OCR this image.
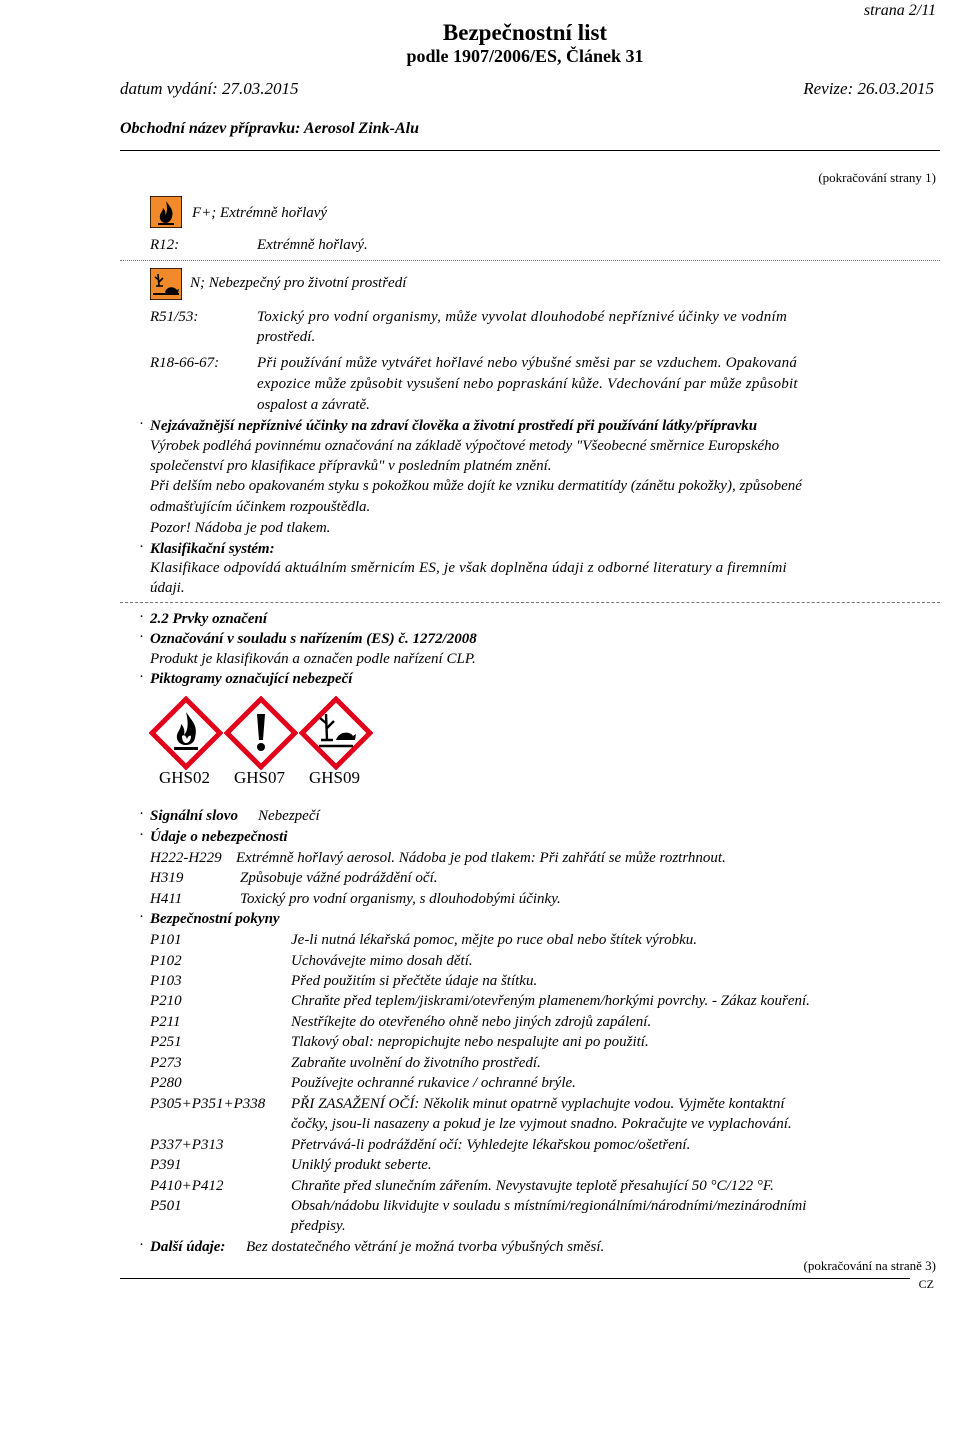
strana 2/11
Bezpečnostní list
podle 1907/2006/ES, Článek 31
datum vydání: 27.03.2015	Revize: 26.03.2015
Obchodní název přípravku: Aerosol Zink-Alu
(pokračování strany 1)
F+; Extrémně hořlavý
R12:	Extrémně hořlavý.
N; Nebezpečný pro životní prostředí
R51/53:	Toxický pro vodní organismy, může vyvolat dlouhodobé nepříznivé účinky ve vodním
prostředí.
R18-66-67:	Při používání může vytvářet hořlavé nebo výbušné směsi par se vzduchem. Opakovaná
expozice může způsobit vysušení nebo popraskání kůže. Vdechování par může způsobit
ospalost a závratě.
· Nejzávažnější nepříznivé účinky na zdraví člověka a životní prostředí při používání látky/přípravku
Výrobek podléhá povinnému označování na základě výpočtové metody "Všeobecné směrnice Europského
společenství pro klasifikace přípravků" v posledním platném znění.
Při delším nebo opakovaném styku s pokožkou může dojít ke vzniku dermatitídy (zánětu pokožky), způsobené
odmašťujícím účinkem rozpouštědla.
Pozor! Nádoba je pod tlakem.
· Klasifikační systém:
Klasifikace odpovídá aktuálním směrnicím ES, je však doplněna údaji z odborné literatury a firemními
údaji.
· 2.2 Prvky označení
· Označování v souladu s nařízením (ES) č. 1272/2008
Produkt je klasifikován a označen podle nařízení CLP.
· Piktogramy označující nebezpečí
GHS02 GHS07 GHS09
· Signální slovo Nebezpečí
· Údaje o nebezpečnosti
H222-H229 Extrémně hořlavý aerosol. Nádoba je pod tlakem: Při zahřátí se může roztrhnout.
H319	Způsobuje vážné podráždění očí.
H411	Toxický pro vodní organismy, s dlouhodobými účinky.
· Bezpečnostní pokyny
P101	Je-li nutná lékařská pomoc, mějte po ruce obal nebo štítek výrobku.
P102	Uchovávejte mimo dosah dětí.
P103	Před použitím si přečtěte údaje na štítku.
P210	Chraňte před teplem/jiskrami/otevřeným plamenem/horkými povrchy. - Zákaz kouření.
P211	Nestříkejte do otevřeného ohně nebo jiných zdrojů zapálení.
P251	Tlakový obal: nepropichujte nebo nespalujte ani po použití.
P273	Zabraňte uvolnění do životního prostředí.
P280	Používejte ochranné rukavice / ochranné brýle.
P305+P351+P338 PŘI ZASAŽENÍ OČÍ: Několik minut opatrně vyplachujte vodou. Vyjměte kontaktní
čočky, jsou-li nasazeny a pokud je lze vyjmout snadno. Pokračujte ve vyplachování.
P337+P313	Přetrvává-li podráždění očí: Vyhledejte lékařskou pomoc/ošetření.
P391	Uniklý produkt seberte.
P410+P412	Chraňte před slunečním zářením. Nevystavujte teplotě přesahující 50 °C/122 °F.
P501	Obsah/nádobu likvidujte v souladu s místními/regionálními/národními/mezinárodními
předpisy.
· Další údaje: Bez dostatečného větrání je možná tvorba výbušných směsí.
(pokračování na straně 3)
CZ
